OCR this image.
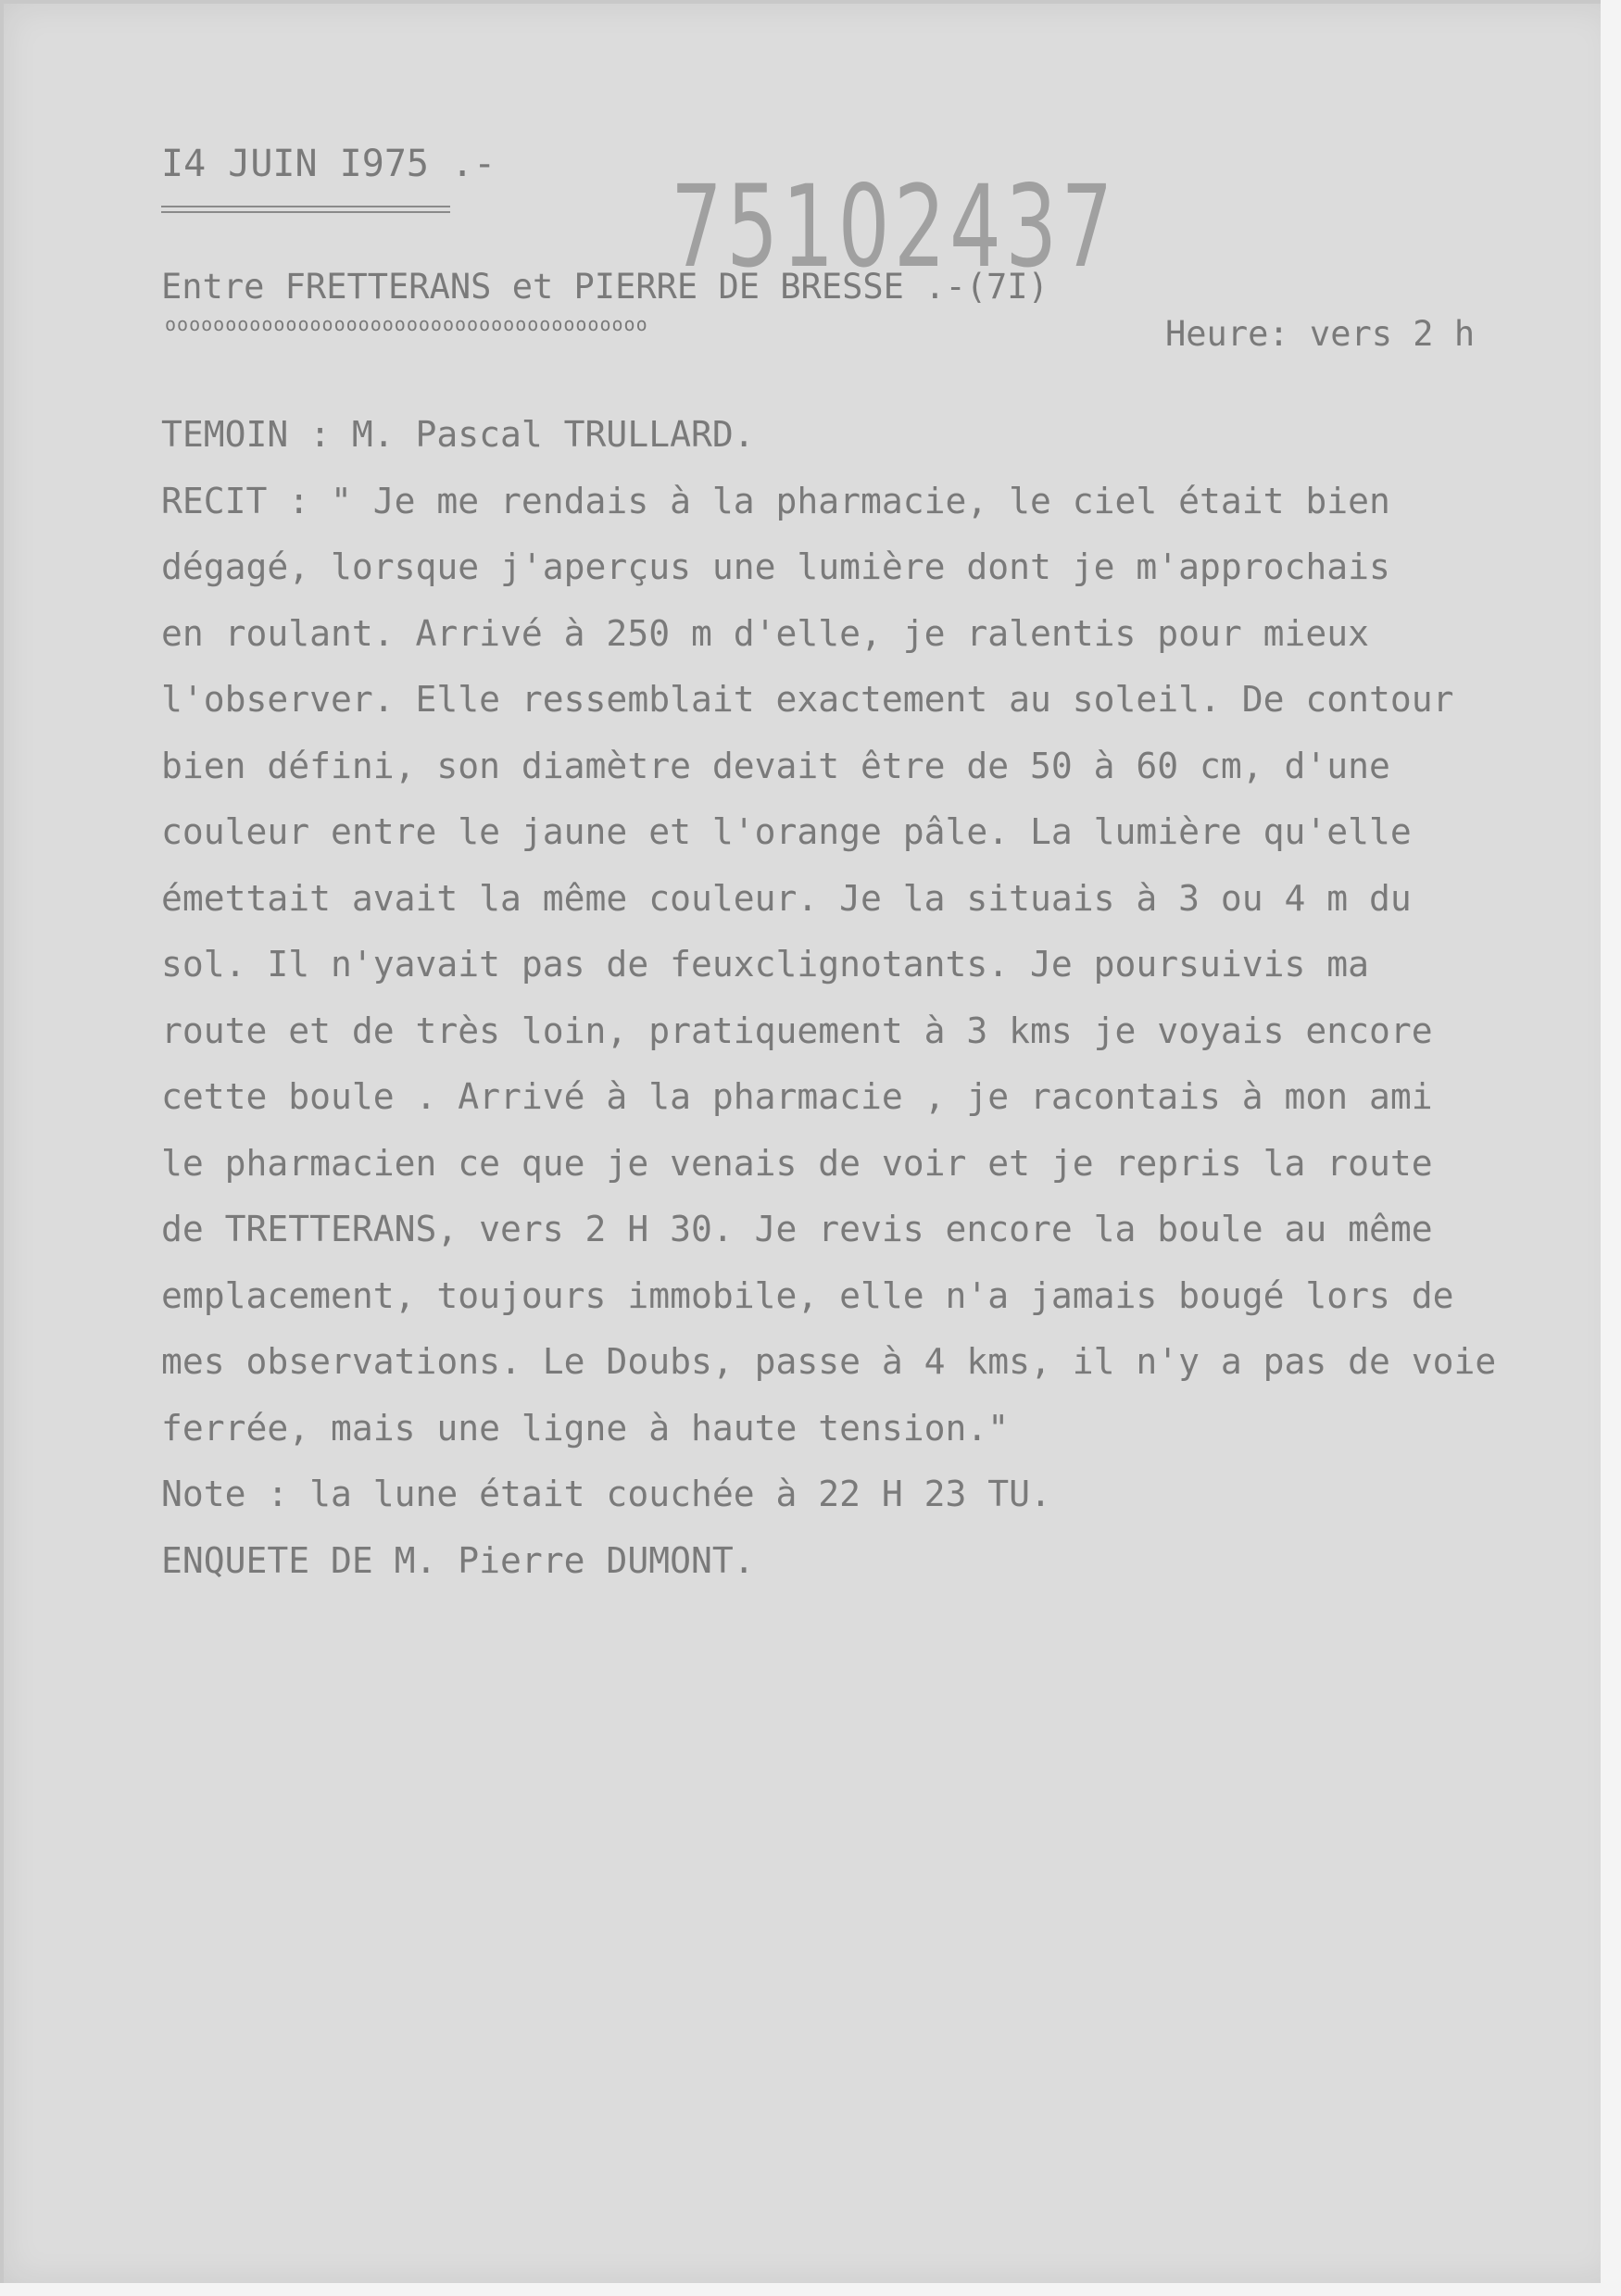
I4 JUIN I975 .- 75102437
Entre FRETTERANS et PIERRE DE BRESSE .-(7I)
oooooooooooooooooooooooooooooooooooooooo	Heure: vers 2 h
TEMOIN : M. Pascal TRULLARD.
RECIT : " Je me rendais à la pharmacie, le ciel était bien
dégagé, lorsque j'aperçus une lumière dont je m'approchais
en roulant. Arrivé à 250 m d'elle, je ralentis pour mieux
l'observer. Elle ressemblait exactement au soleil. De contour
bien défini, son diamètre devait être de 50 à 60 cm, d'une
couleur entre le jaune et l'orange pâle. La lumière qu'elle
émettait avait la même couleur. Je la situais à 3 ou 4 m du
sol. Il n'yavait pas de feuxclignotants. Je poursuivis ma
route et de très loin, pratiquement à 3 kms je voyais encore
cette boule . Arrivé à la pharmacie , je racontais à mon ami
le pharmacien ce que je venais de voir et je repris la route
de TRETTERANS, vers 2 H 30. Je revis encore la boule au même
emplacement, toujours immobile, elle n'a jamais bougé lors de
mes observations. Le Doubs, passe à 4 kms, il n'y a pas de voie
ferrée, mais une ligne à haute tension."
Note : la lune était couchée à 22 H 23 TU.
ENQUETE DE M. Pierre DUMONT.
